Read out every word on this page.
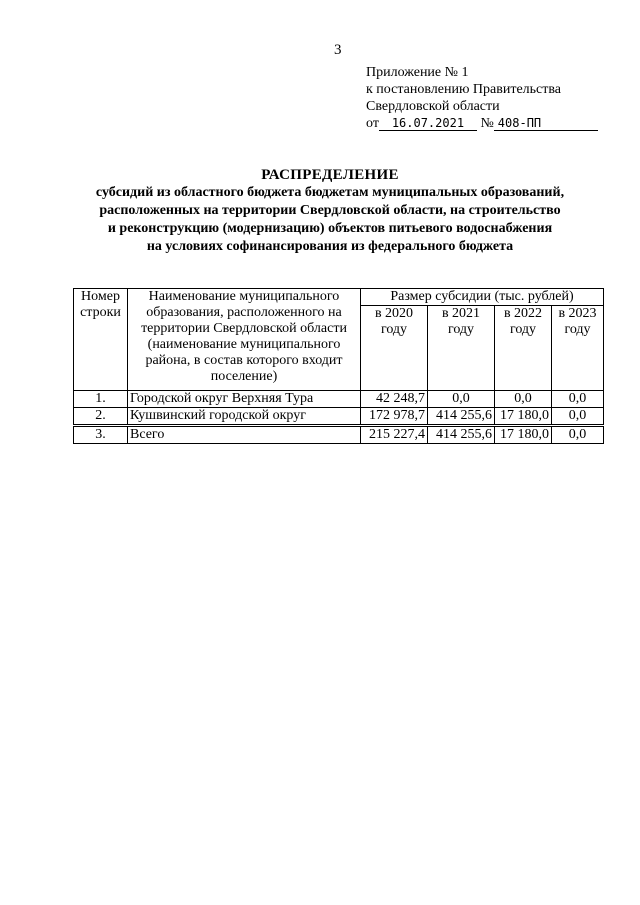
3
Приложение № 1
к постановлению Правительства
Свердловской области
от 16.07.2021 № 408-ПП
РАСПРЕДЕЛЕНИЕ
субсидий из областного бюджета бюджетам муниципальных образований,
расположенных на территории Свердловской области, на строительство
и реконструкцию (модернизацию) объектов питьевого водоснабжения
на условиях софинансирования из федерального бюджета
Номер строки	Наименование муниципального образования, расположенного на территории Свердловской области (наименование муниципального района, в состав которого входит поселение)	Размер субсидии (тыс. рублей)			
		в 2020 году	в 2021 году	в 2022 году	в 2023 году
1.	Городской округ Верхняя Тура	42 248,7	0,0	0,0	0,0
2.	Кушвинский городской округ	172 978,7	414 255,6	17 180,0	0,0
3.	Всего	215 227,4	414 255,6	17 180,0	0,0
